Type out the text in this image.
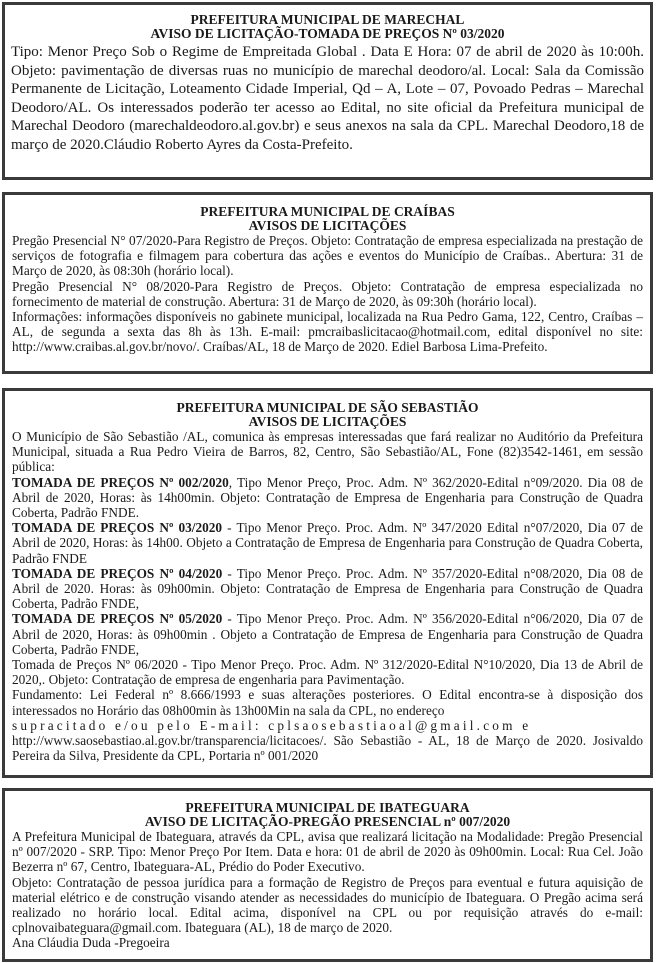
PREFEITURA MUNICIPAL DE MARECHAL
AVISO DE LICITAÇÃO-TOMADA DE PREÇOS Nº 03/2020

Tipo: Menor Preço Sob o Regime de Empreitada Global . Data E Hora: 07 de abril de 2020 às 10:00h. Objeto: pavimentação de diversas ruas no município de marechal deodoro/al. Local: Sala da Comissão Permanente de Licitação, Loteamento Cidade Imperial, Qd – A, Lote – 07, Povoado Pedras – Marechal Deodoro/AL. Os interessados poderão ter acesso ao Edital, no site oficial da Prefeitura municipal de Marechal Deodoro (marechaldeodoro.al.gov.br) e seus anexos na sala da CPL. Marechal Deodoro,18 de março de 2020.Cláudio Roberto Ayres da Costa-Prefeito.

PREFEITURA MUNICIPAL DE CRAÍBAS
AVISOS DE LICITAÇÕES

Pregão Presencial N° 07/2020-Para Registro de Preços. Objeto: Contratação de empresa especializada na prestação de serviços de fotografia e filmagem para cobertura das ações e eventos do Município de Craíbas.. Abertura: 31 de Março de 2020, às 08:30h (horário local).

Pregão Presencial N° 08/2020-Para Registro de Preços. Objeto: Contratação de empresa especializada no fornecimento de material de construção. Abertura: 31 de Março de 2020, às 09:30h (horário local).

Informações: informações disponíveis no gabinete municipal, localizada na Rua Pedro Gama, 122, Centro, Craíbas – AL, de segunda a sexta das 8h às 13h. E-mail: pmcraibaslicitacao@hotmail.com, edital disponível no site: http://www.craibas.al.gov.br/novo/. Craíbas/AL, 18 de Março de 2020. Ediel Barbosa Lima-Prefeito.

PREFEITURA MUNICIPAL DE SÃO SEBASTIÃO
AVISOS DE LICITAÇÕES

O Município de São Sebastião /AL, comunica às empresas interessadas que fará realizar no Auditório da Prefeitura Municipal, situada a Rua Pedro Vieira de Barros, 82, Centro, São Sebastião/AL, Fone (82)3542-1461, em sessão pública:

TOMADA DE PREÇOS Nº 002/2020, Tipo Menor Preço, Proc. Adm. Nº 362/2020-Edital n°09/2020. Dia 08 de Abril de 2020, Horas: às 14h00min. Objeto: Contratação de Empresa de Engenharia para Construção de Quadra Coberta, Padrão FNDE.

TOMADA DE PREÇOS Nº 03/2020 - Tipo Menor Preço. Proc. Adm. Nº 347/2020 Edital n°07/2020, Dia 07 de Abril de 2020, Horas: às 14h00. Objeto a Contratação de Empresa de Engenharia para Construção de Quadra Coberta, Padrão FNDE

TOMADA DE PREÇOS Nº 04/2020 - Tipo Menor Preço. Proc. Adm. Nº 357/2020-Edital n°08/2020, Dia 08 de Abril de 2020. Horas: às 09h00min. Objeto: Contratação de Empresa de Engenharia para Construção de Quadra Coberta, Padrão FNDE,

TOMADA DE PREÇOS Nº 05/2020 - Tipo Menor Preço. Proc. Adm. Nº 356/2020-Edital n°06/2020, Dia 07 de Abril de 2020, Horas: às 09h00min . Objeto a Contratação de Empresa de Engenharia para Construção de Quadra Coberta, Padrão FNDE,

Tomada de Preços Nº 06/2020 - Tipo Menor Preço. Proc. Adm. Nº 312/2020-Edital N°10/2020, Dia 13 de Abril de 2020,. Objeto: Contratação de empresa de engenharia para Pavimentação.

Fundamento: Lei Federal nº 8.666/1993 e suas alterações posteriores. O Edital encontra-se à disposição dos interessados no Horário das 08h00min às 13h00Min na sala da CPL, no endereço

supracitado e/ou pelo E-mail: cplsaosebastiaoal@gmail.com e

http://www.saosebastiao.al.gov.br/transparencia/licitacoes/. São Sebastião - AL, 18 de Março de 2020. Josivaldo Pereira da Silva, Presidente da CPL, Portaria nº 001/2020

PREFEITURA MUNICIPAL DE IBATEGUARA
AVISO DE LICITAÇÃO-PREGÃO PRESENCIAL nº 007/2020

A Prefeitura Municipal de Ibateguara, através da CPL, avisa que realizará licitação na Modalidade: Pregão Presencial nº 007/2020 - SRP. Tipo: Menor Preço Por Item. Data e hora: 01 de abril de 2020 às 09h00min. Local: Rua Cel. João Bezerra nº 67, Centro, Ibateguara-AL, Prédio do Poder Executivo.

Objeto: Contratação de pessoa jurídica para a formação de Registro de Preços para eventual e futura aquisição de material elétrico e de construção visando atender as necessidades do município de Ibateguara. O Pregão acima será realizado no horário local. Edital acima, disponível na CPL ou por requisição através do e-mail: cplnovaibateguara@gmail.com. Ibateguara (AL), 18 de março de 2020.

Ana Cláudia Duda -Pregoeira
